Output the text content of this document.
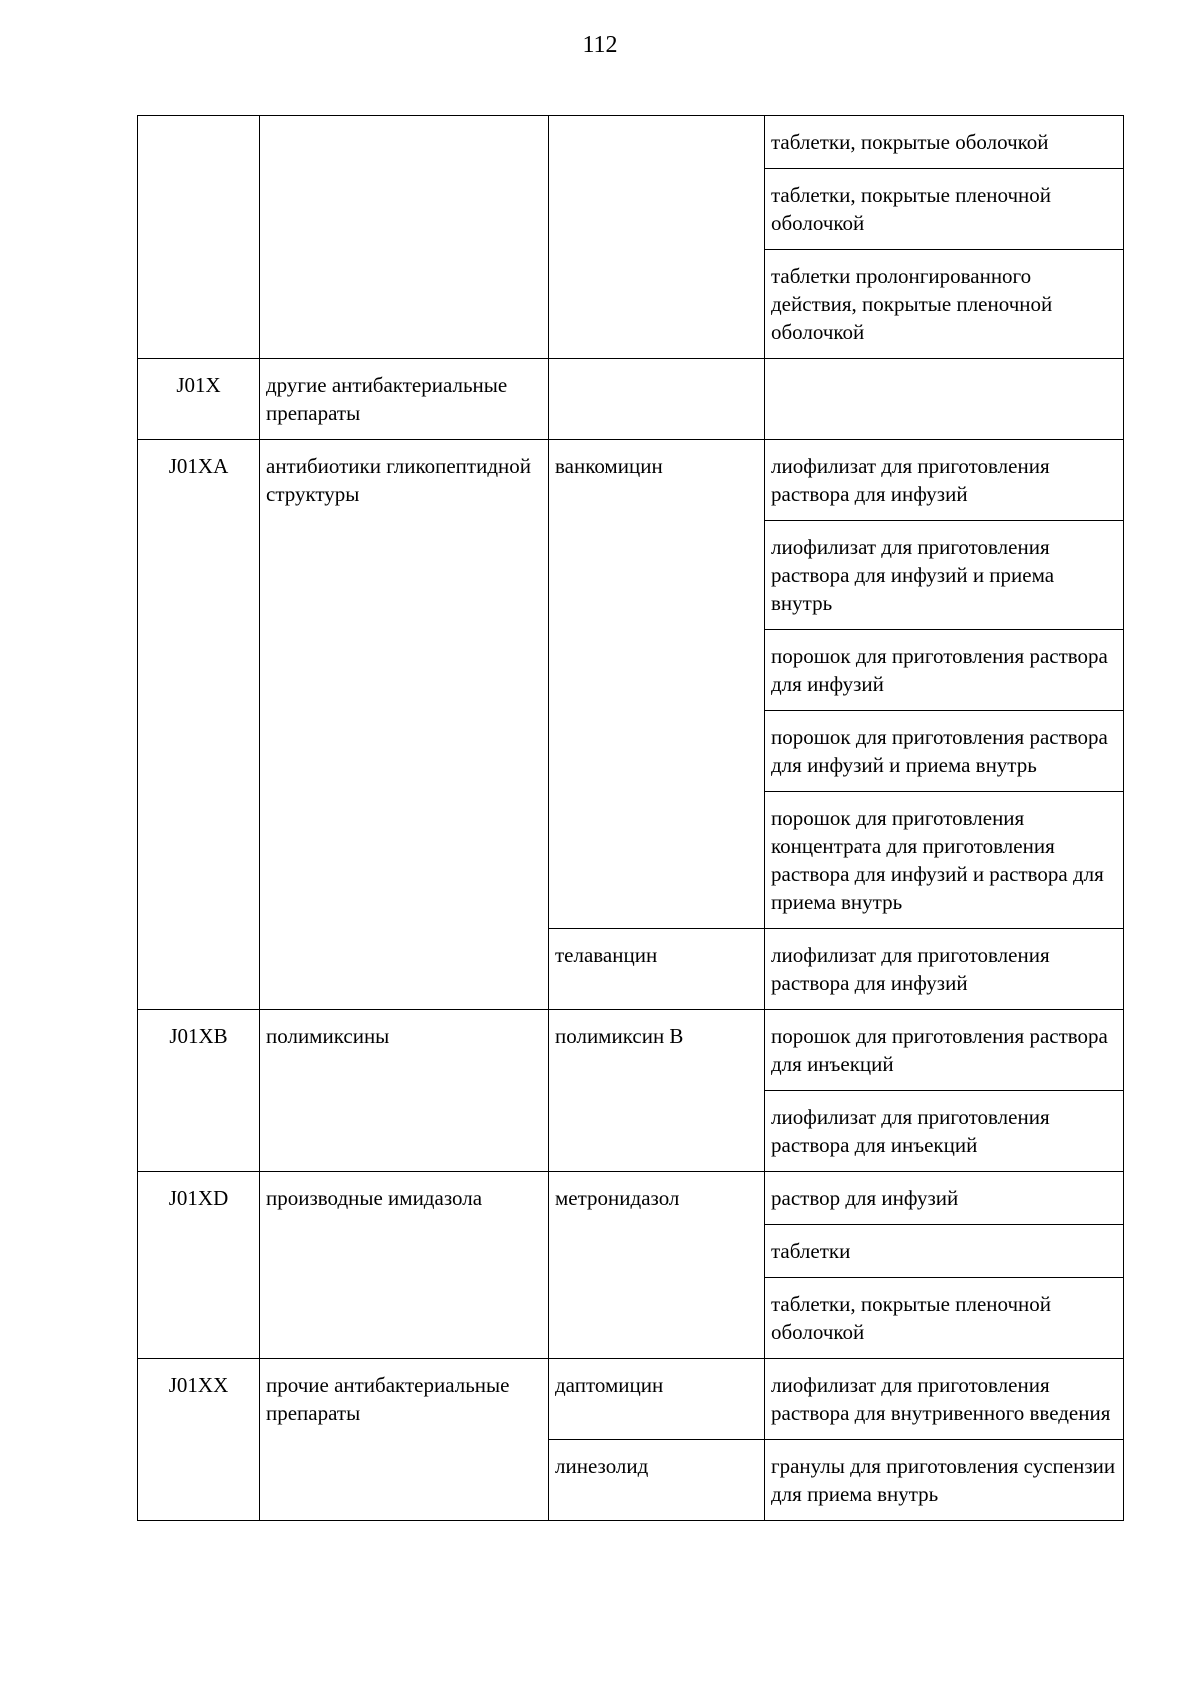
112
			таблетки, покрытые оболочкой
			таблетки, покрытые пленочной оболочкой
			таблетки пролонгированного действия, покрытые пленочной оболочкой
J01X	другие антибактериальные препараты		
J01XA	антибиотики гликопептидной структуры	ванкомицин	лиофилизат для приготовления раствора для инфузий
			лиофилизат для приготовления раствора для инфузий и приема внутрь
			порошок для приготовления раствора для инфузий
			порошок для приготовления раствора для инфузий и приема внутрь
			порошок для приготовления концентрата для приготовления раствора для инфузий и раствора для приема внутрь
		телаванцин	лиофилизат для приготовления раствора для инфузий
J01XB	полимиксины	полимиксин B	порошок для приготовления раствора для инъекций
			лиофилизат для приготовления раствора для инъекций
J01XD	производные имидазола	метронидазол	раствор для инфузий
			таблетки
			таблетки, покрытые пленочной оболочкой
J01XX	прочие антибактериальные препараты	даптомицин	лиофилизат для приготовления раствора для внутривенного введения
		линезолид	гранулы для приготовления суспензии для приема внутрь
